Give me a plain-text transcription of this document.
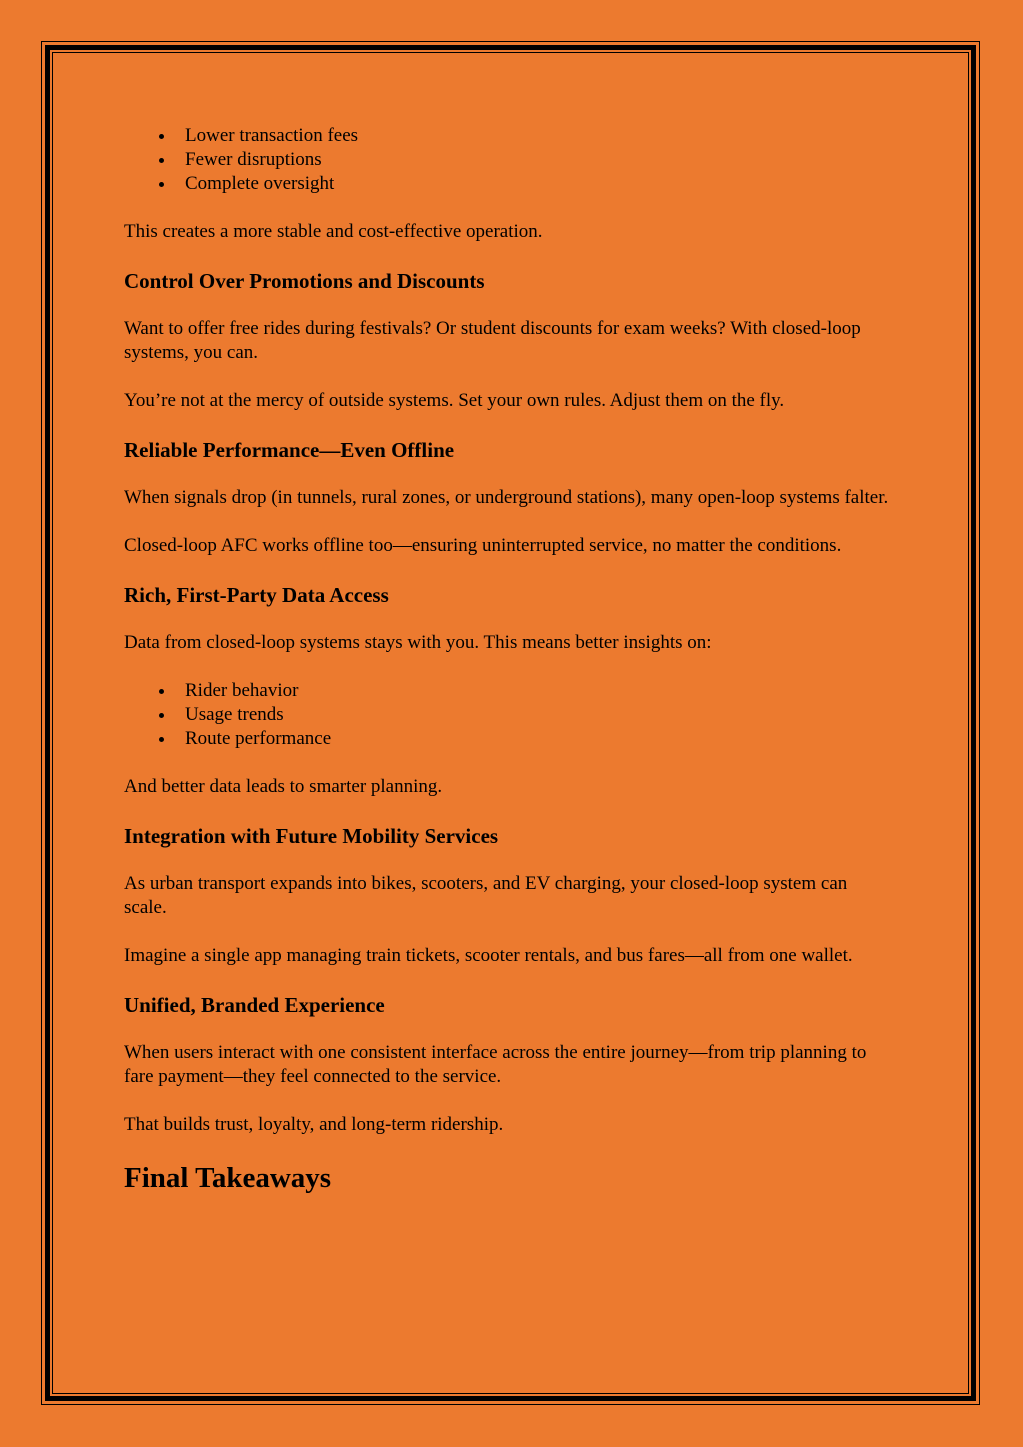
Lower transaction fees
Fewer disruptions
Complete oversight

This creates a more stable and cost-effective operation.

Control Over Promotions and Discounts

Want to offer free rides during festivals? Or student discounts for exam weeks? With closed-loop systems, you can.

You’re not at the mercy of outside systems. Set your own rules. Adjust them on the fly.

Reliable Performance—Even Offline

When signals drop (in tunnels, rural zones, or underground stations), many open-loop systems falter.

Closed-loop AFC works offline too—ensuring uninterrupted service, no matter the conditions.

Rich, First-Party Data Access

Data from closed-loop systems stays with you. This means better insights on:

Rider behavior
Usage trends
Route performance

And better data leads to smarter planning.

Integration with Future Mobility Services

As urban transport expands into bikes, scooters, and EV charging, your closed-loop system can scale.

Imagine a single app managing train tickets, scooter rentals, and bus fares—all from one wallet.

Unified, Branded Experience

When users interact with one consistent interface across the entire journey—from trip planning to fare payment—they feel connected to the service.

That builds trust, loyalty, and long-term ridership.

Final Takeaways
